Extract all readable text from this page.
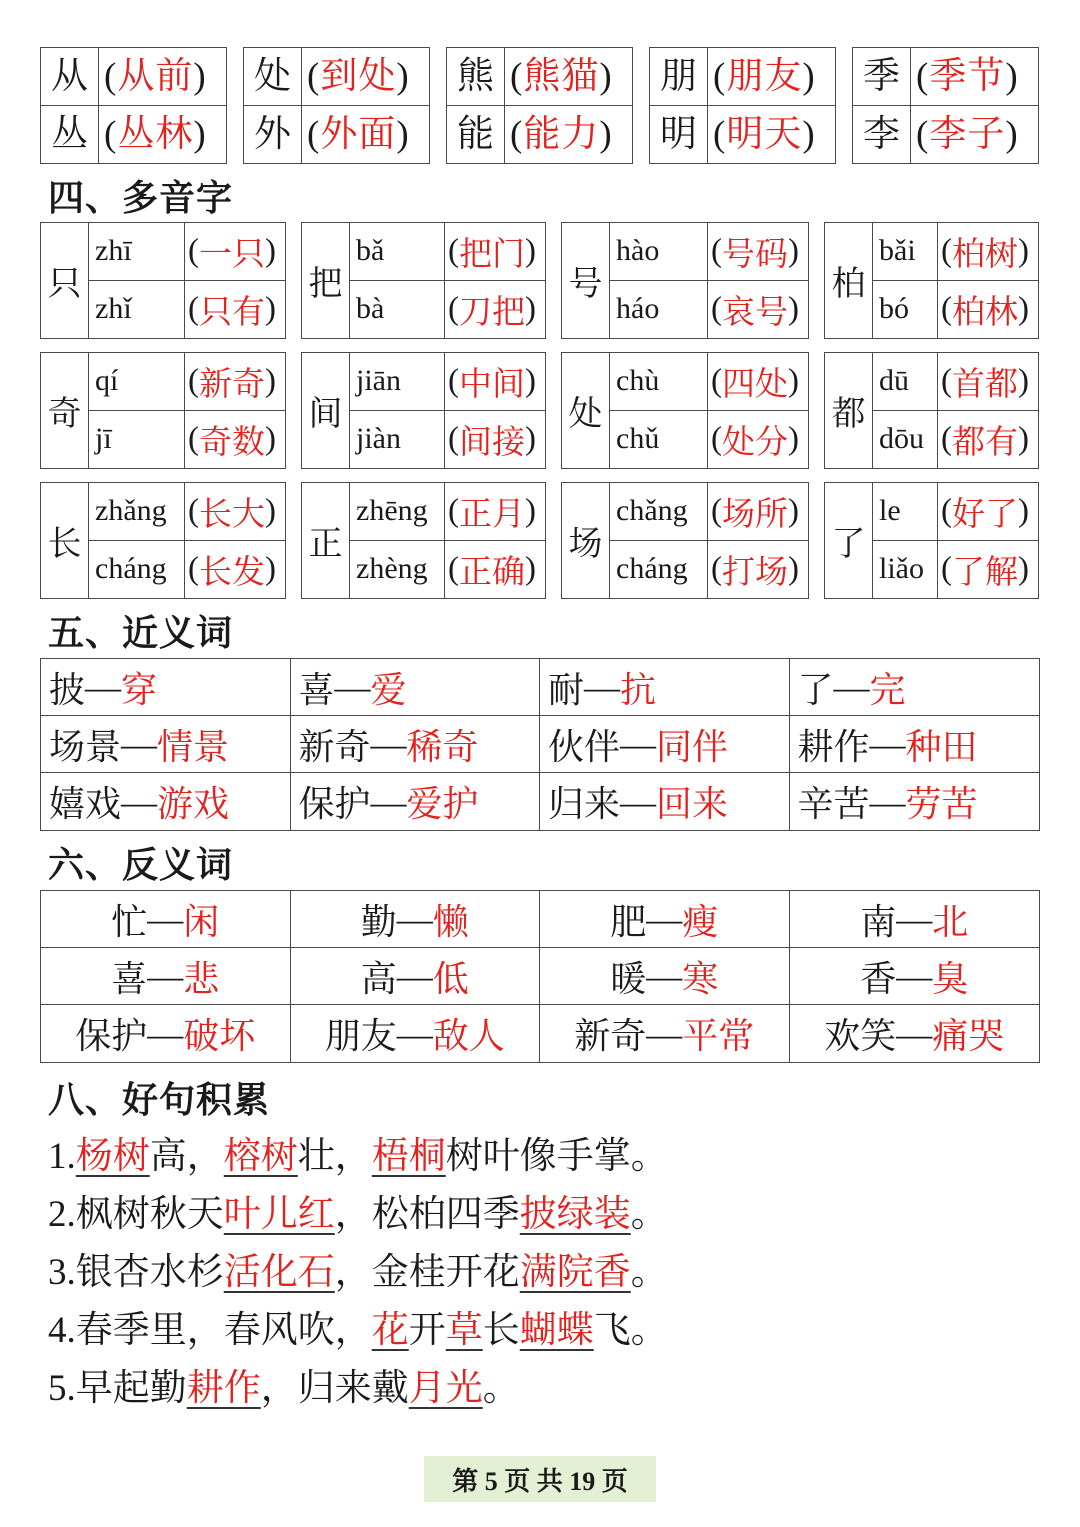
从 ( 从前 )
丛 ( 丛林 )
处 ( 到处 )
外 ( 外面 )
熊 ( 熊猫 )
能 ( 能力 )
朋 ( 朋友 )
明 ( 明天 )
季 ( 季节 )
李 ( 李子 )
四、多音字
只
zhī	( 一只 )
zhǐ	( 只有 )
把
bǎ	( 把门 )
bà	( 刀把 )
号
hào	( 号码 )
háo	( 哀号 )
柏
bǎi ( 柏树 )
bó ( 柏林 )
奇
qí	( 新奇 )
jī	( 奇数 )
间
jiān	( 中间 )
jiàn	( 间接 )
处
chù	( 四处 )
chǔ	( 处分 )
都
dū ( 首都 )
dōu ( 都有 )
长
zhǎng ( 长大 )
cháng ( 长发 )
正
zhēng ( 正月 )
zhèng ( 正确 )
场
chǎng ( 场所 )
cháng ( 打场 )
了
le	( 好了 )
liǎo ( 了解 )
五、近义词
披 — 穿	喜 — 爱	耐 — 抗	了 — 完
场景 — 情景 新奇 — 稀奇 伙伴 — 同伴 耕作 — 种田
嬉戏 — 游戏 保护 — 爱护 归来 — 回来 辛苦 — 劳苦
六、反义词
忙 — 闲	勤 — 懒	肥 — 瘦	南 — 北
喜 — 悲	高 — 低	暖 — 寒	香 — 臭
保护 — 破坏 朋友 — 敌人 新奇 — 平常 欢笑 — 痛哭
八、好句积累
1.杨树高，榕树壮，梧桐树叶像手掌。
2.枫树秋天叶儿红，松柏四季披绿装。
3.银杏水杉活化石，金桂开花满院香。
4.春季里，春风吹，花开草长蝴蝶飞。
5.早起勤耕作，归来戴月光。
第 5 页 共 19 页
